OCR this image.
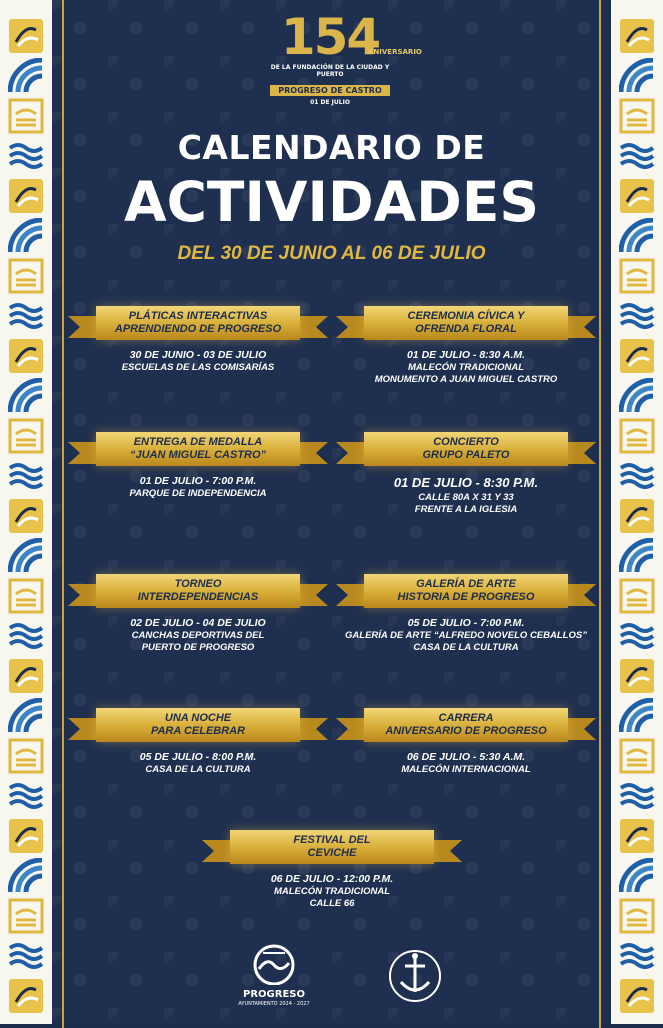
154
ANIVERSARIO
DE LA FUNDACIÓN DE LA CIUDAD Y PUERTO
PROGRESO DE CASTRO
01 DE JULIO
CALENDARIO DE
ACTIVIDADES
DEL 30 DE JUNIO AL 06 DE JULIO
PLÁTICAS INTERACTIVAS
APRENDIENDO DE PROGRESO
30 DE JUNIO - 03 DE JULIO
ESCUELAS DE LAS COMISARÍAS
CEREMONIA CÍVICA Y
OFRENDA FLORAL
01 DE JULIO - 8:30 A.M.
MALECÓN TRADICIONAL
MONUMENTO A JUAN MIGUEL CASTRO
ENTREGA DE MEDALLA
“JUAN MIGUEL CASTRO”
01 DE JULIO - 7:00 P.M.
PARQUE DE INDEPENDENCIA
CONCIERTO
GRUPO PALETO
01 DE JULIO - 8:30 P.M.
CALLE 80A X 31 Y 33
FRENTE A LA IGLESIA
TORNEO
INTERDEPENDENCIAS
02 DE JULIO - 04 DE JULIO
CANCHAS DEPORTIVAS DEL
PUERTO DE PROGRESO
GALERÍA DE ARTE
HISTORIA DE PROGRESO
05 DE JULIO - 7:00 P.M.
GALERÍA DE ARTE “ALFREDO NOVELO CEBALLOS”
CASA DE LA CULTURA
UNA NOCHE
PARA CELEBRAR
05 DE JULIO - 8:00 P.M.
CASA DE LA CULTURA
CARRERA
ANIVERSARIO DE PROGRESO
06 DE JULIO - 5:30 A.M.
MALECÓN INTERNACIONAL
FESTIVAL DEL
CEVICHE
06 DE JULIO - 12:00 P.M.
MALECÓN TRADICIONAL
CALLE 66
PROGRESO
AYUNTAMIENTO 2024 - 2027
